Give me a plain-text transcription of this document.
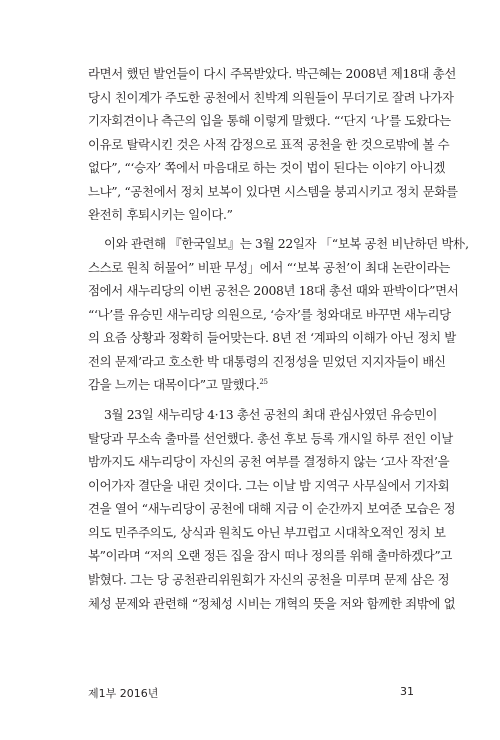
라면서 했던 발언들이 다시 주목받았다. 박근혜는 2008년 제18대 총선
당시 친이계가 주도한 공천에서 친박계 의원들이 무더기로 잘려 나가자
기자회견이나 측근의 입을 통해 이렇게 말했다. “‘단지 ‘나’를 도왔다는
이유로 탈락시킨 것은 사적 감정으로 표적 공천을 한 것으로밖에 볼 수
없다”, “‘승자’ 쪽에서 마음대로 하는 것이 법이 된다는 이야기 아니겠
느냐”, “공천에서 정치 보복이 있다면 시스템을 붕괴시키고 정치 문화를
완전히 후퇴시키는 일이다.”
이와 관련해 『한국일보』는 3월 22일자 「“보복 공천 비난하던 박朴,
스스로 원칙 허물어” 비판 무성」에서 “‘보복 공천’이 최대 논란이라는
점에서 새누리당의 이번 공천은 2008년 18대 총선 때와 판박이다”면서
“‘나’를 유승민 새누리당 의원으로, ‘승자’를 청와대로 바꾸면 새누리당
의 요즘 상황과 정확히 들어맞는다. 8년 전 ‘계파의 이해가 아닌 정치 발
전의 문제’라고 호소한 박 대통령의 진정성을 믿었던 지지자들이 배신
감을 느끼는 대목이다”고 말했다.$^{25}$
3월 23일 새누리당 4·13 총선 공천의 최대 관심사였던 유승민이
탈당과 무소속 출마를 선언했다. 총선 후보 등록 개시일 하루 전인 이날
밤까지도 새누리당이 자신의 공천 여부를 결정하지 않는 ‘고사 작전’을
이어가자 결단을 내린 것이다. 그는 이날 밤 지역구 사무실에서 기자회
견을 열어 “새누리당이 공천에 대해 지금 이 순간까지 보여준 모습은 정
의도 민주주의도, 상식과 원칙도 아닌 부끄럽고 시대착오적인 정치 보
복”이라며 “저의 오랜 정든 집을 잠시 떠나 정의를 위해 출마하겠다”고
밝혔다. 그는 당 공천관리위원회가 자신의 공천을 미루며 문제 삼은 정
체성 문제와 관련해 “정체성 시비는 개혁의 뜻을 저와 함께한 죄밖에 없
제1부 2016년	31
